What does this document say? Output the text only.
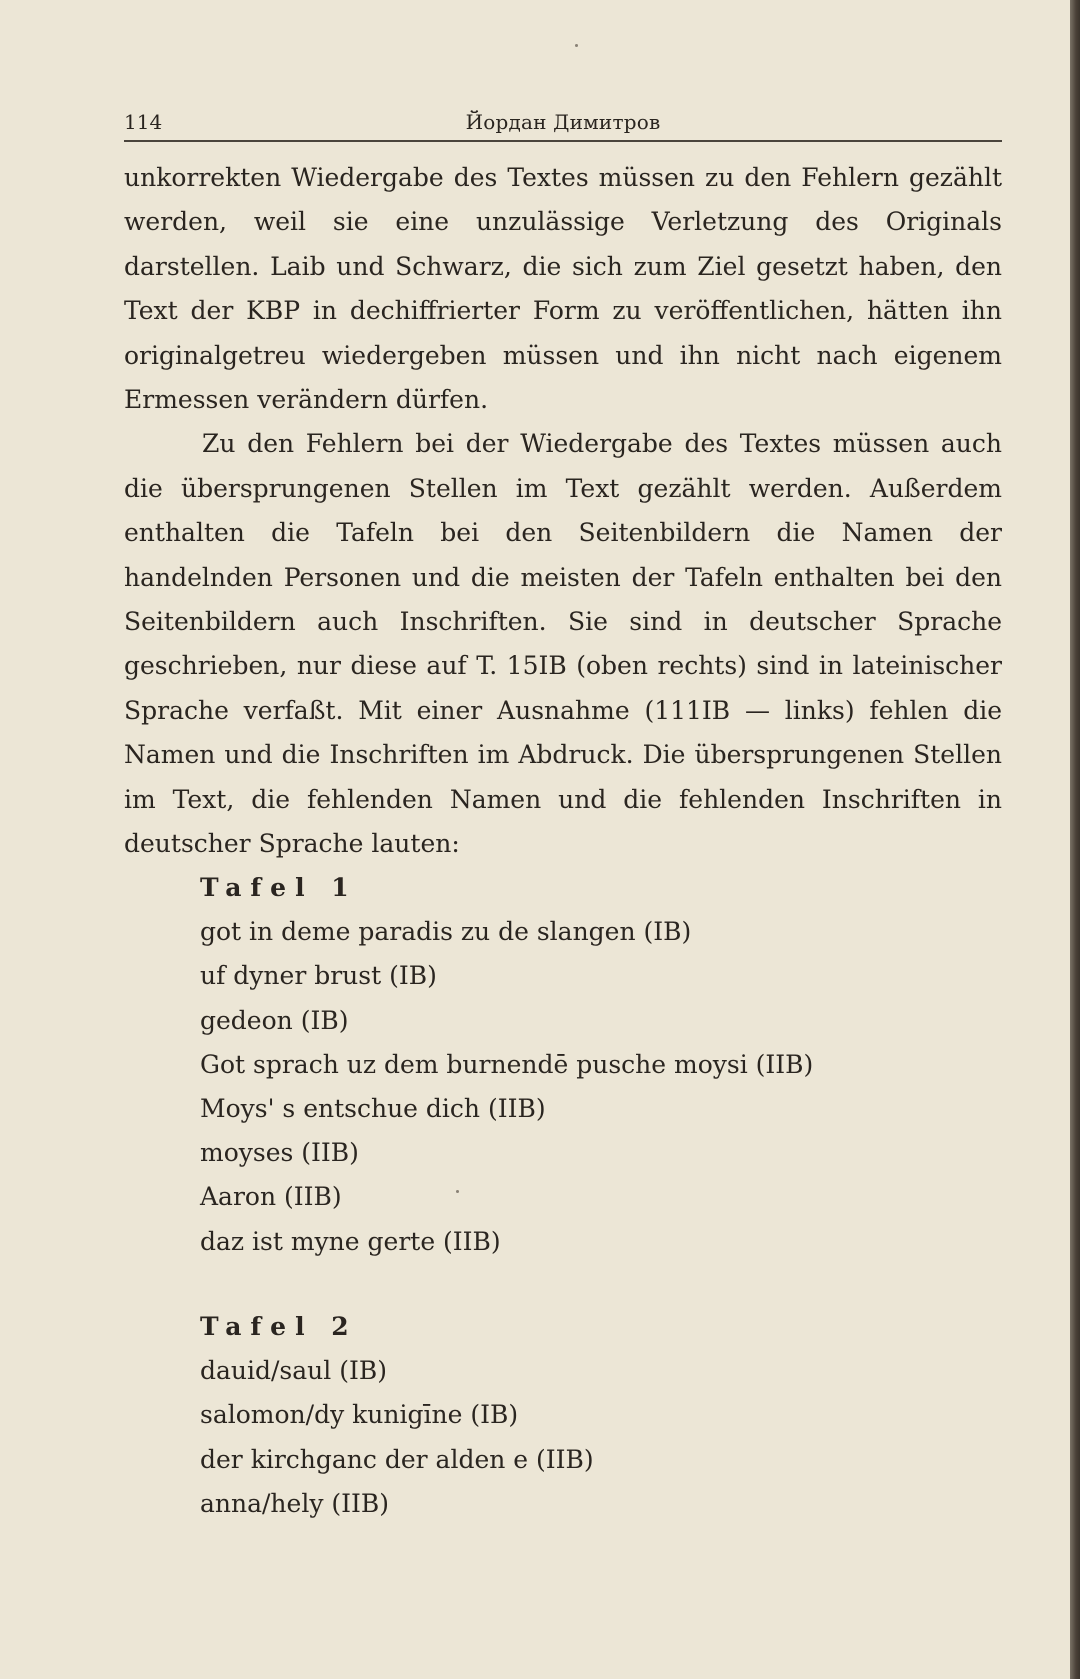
114	Йордан Димитров

unkorrekten Wiedergabe des Textes müssen zu den Fehlern gezählt werden, weil sie eine unzulässige Verletzung des Originals darstellen. Laib und Schwarz, die sich zum Ziel gesetzt haben, den Text der KBP in dechiffrierter Form zu veröffentlichen, hätten ihn originalgetreu wiedergeben müssen und ihn nicht nach eigenem Ermessen verändern dürfen.

Zu den Fehlern bei der Wiedergabe des Textes müssen auch die übersprungenen Stellen im Text gezählt werden. Außerdem enthalten die Tafeln bei den Seitenbildern die Namen der handelnden Personen und die meisten der Tafeln enthalten bei den Seitenbildern auch Inschriften. Sie sind in deutscher Sprache geschrieben, nur diese auf T. 15IB (oben rechts) sind in lateinischer Sprache verfaßt. Mit einer Ausnahme (111IB — links) fehlen die Namen und die Inschriften im Abdruck. Die übersprungenen Stellen im Text, die fehlenden Namen und die fehlenden Inschriften in deutscher Sprache lauten:

Tafel 1
got in deme paradis zu de slangen (IB)
uf dyner brust (IB)
gedeon (IB)
Got sprach uz dem burnendē pusche moysi (IIB)
Moys' s entschue dich (IIB)
moyses (IIB)
Aaron (IIB)
daz ist myne gerte (IIB)
Tafel 2
dauid/saul (IB)
salomon/dy kunigīne (IB)
der kirchganc der alden e (IIB)
anna/hely (IIB)
